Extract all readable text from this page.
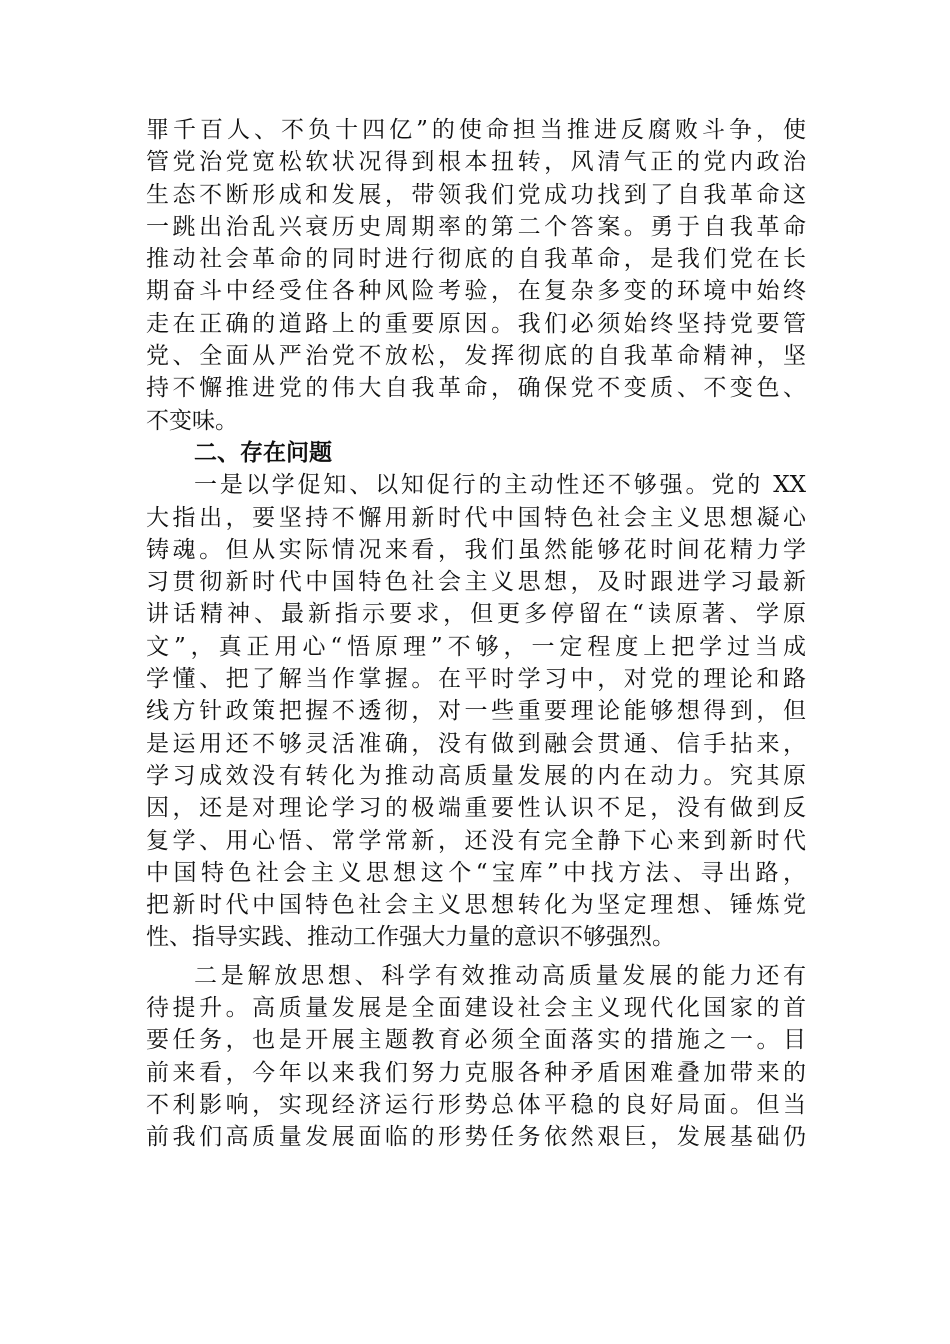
罪千百人、不负十四亿”的使命担当推进反腐败斗争，使
管党治党宽松软状况得到根本扭转，风清气正的党内政治
生态不断形成和发展，带领我们党成功找到了自我革命这
一跳出治乱兴衰历史周期率的第二个答案。勇于自我革命
推动社会革命的同时进行彻底的自我革命，是我们党在长
期奋斗中经受住各种风险考验，在复杂多变的环境中始终
走在正确的道路上的重要原因。我们必须始终坚持党要管
党、全面从严治党不放松，发挥彻底的自我革命精神，坚
持不懈推进党的伟大自我革命，确保党不变质、不变色、
不变味。
二、存在问题
一是以学促知、以知促行的主动性还不够强。党的 XX
大指出，要坚持不懈用新时代中国特色社会主义思想凝心
铸魂。但从实际情况来看，我们虽然能够花时间花精力学
习贯彻新时代中国特色社会主义思想，及时跟进学习最新
讲话精神、最新指示要求，但更多停留在“读原著、学原
文”，真正用心“悟原理”不够，一定程度上把学过当成
学懂、把了解当作掌握。在平时学习中，对党的理论和路
线方针政策把握不透彻，对一些重要理论能够想得到，但
是运用还不够灵活准确，没有做到融会贯通、信手拈来，
学习成效没有转化为推动高质量发展的内在动力。究其原
因，还是对理论学习的极端重要性认识不足，没有做到反
复学、用心悟、常学常新，还没有完全静下心来到新时代
中国特色社会主义思想这个“宝库”中找方法、寻出路，
把新时代中国特色社会主义思想转化为坚定理想、锤炼党
性、指导实践、推动工作强大力量的意识不够强烈。
二是解放思想、科学有效推动高质量发展的能力还有
待提升。高质量发展是全面建设社会主义现代化国家的首
要任务，也是开展主题教育必须全面落实的措施之一。目
前来看，今年以来我们努力克服各种矛盾困难叠加带来的
不利影响，实现经济运行形势总体平稳的良好局面。但当
前我们高质量发展面临的形势任务依然艰巨，发展基础仍
